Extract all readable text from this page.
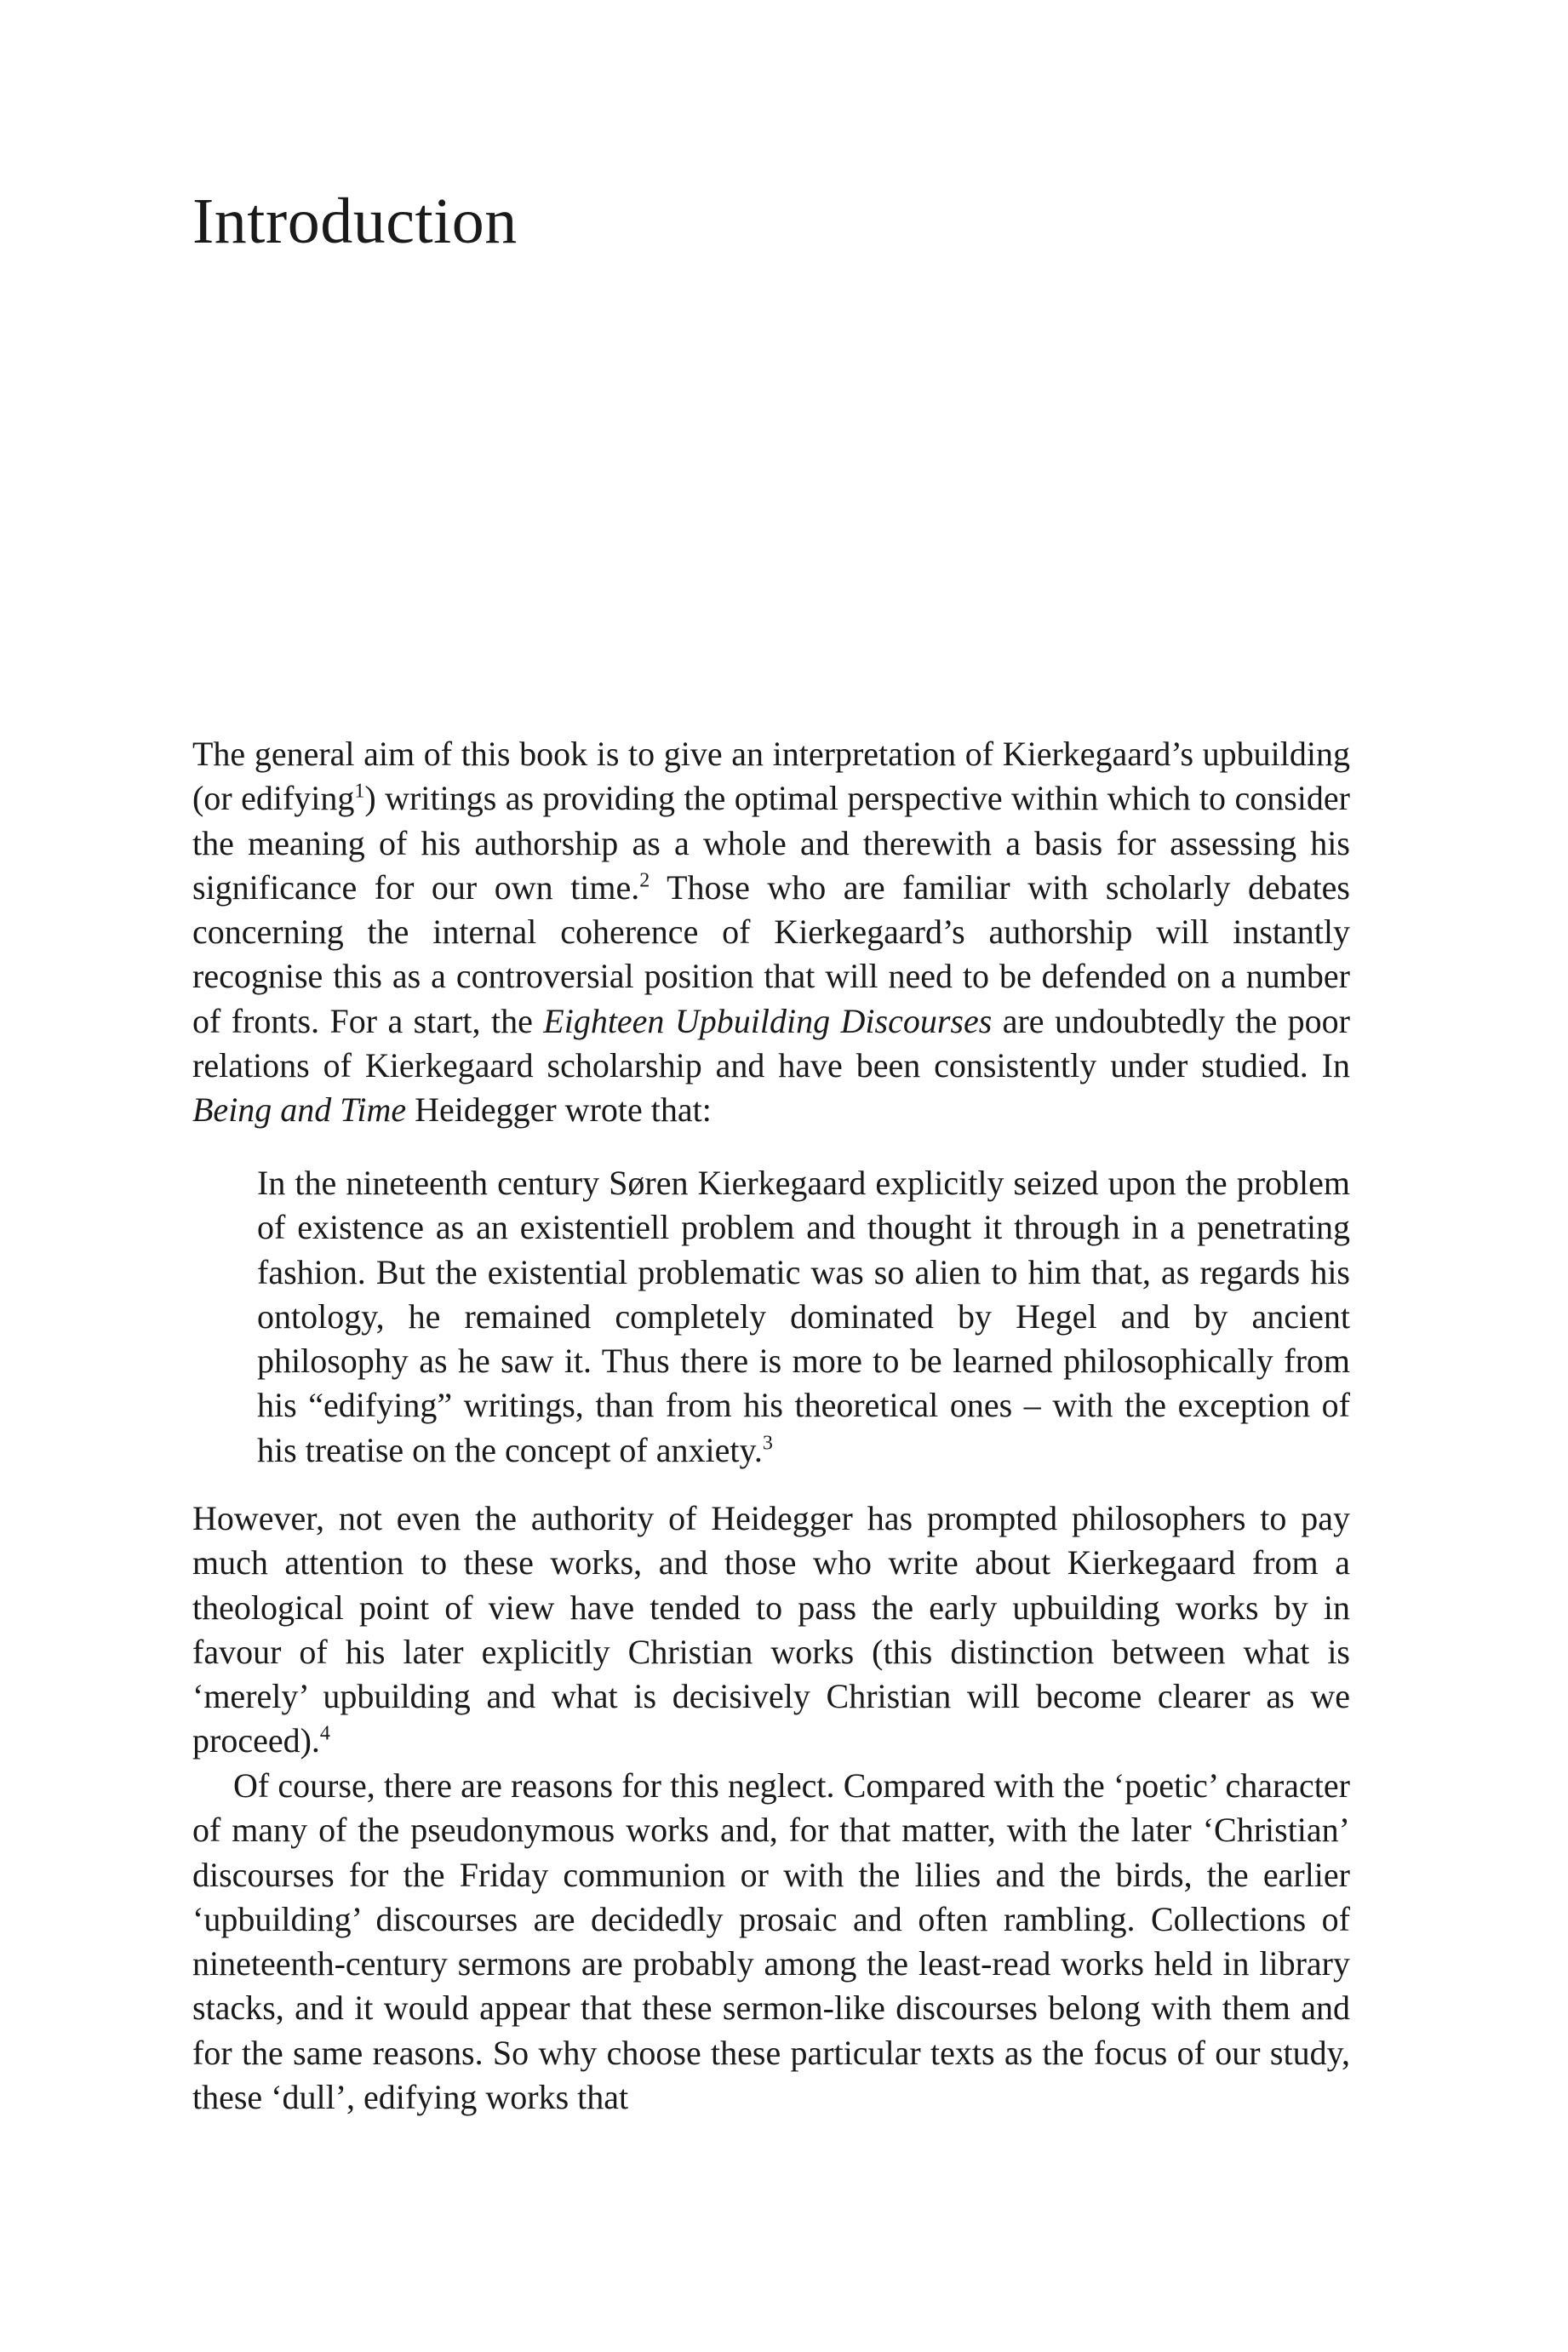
Introduction

The general aim of this book is to give an interpretation of Kierkegaard’s upbuilding (or edifying$^1$) writings as providing the optimal perspective within which to consider the meaning of his authorship as a whole and therewith a basis for assessing his significance for our own time.$^2$ Those who are familiar with scholarly debates concerning the internal coherence of Kierkegaard’s authorship will instantly recognise this as a controversial position that will need to be defended on a number of fronts. For a start, the Eighteen Upbuilding Discourses are undoubtedly the poor relations of Kierkegaard scholarship and have been consistently under studied. In Being and Time Heidegger wrote that:

In the nineteenth century Søren Kierkegaard explicitly seized upon the problem of existence as an existentiell problem and thought it through in a penetrating fashion. But the existential problematic was so alien to him that, as regards his ontology, he remained completely dominated by Hegel and by ancient philosophy as he saw it. Thus there is more to be learned philosophically from his “edifying” writings, than from his theoretical ones – with the exception of his treatise on the concept of anxiety.$^3$

However, not even the authority of Heidegger has prompted philosophers to pay much attention to these works, and those who write about Kierkegaard from a theological point of view have tended to pass the early upbuilding works by in favour of his later explicitly Christian works (this distinction between what is ‘merely’ upbuilding and what is decisively Christian will become clearer as we proceed).$^4$

Of course, there are reasons for this neglect. Compared with the ‘poetic’ character of many of the pseudonymous works and, for that matter, with the later ‘Christian’ discourses for the Friday communion or with the lilies and the birds, the earlier ‘upbuilding’ discourses are decidedly prosaic and often rambling. Collections of nineteenth-century sermons are probably among the least-read works held in library stacks, and it would appear that these sermon-like discourses belong with them and for the same reasons. So why choose these particular texts as the focus of our study, these ‘dull’, edifying works that
